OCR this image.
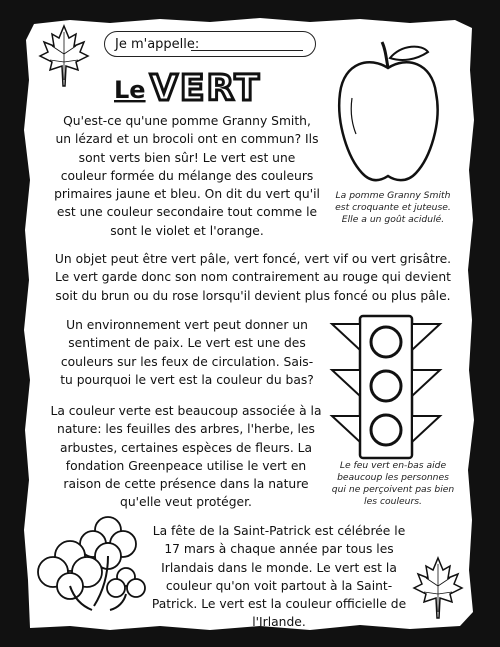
Je m'appelle:
Le VERT
La pomme Granny Smith est croquante et juteuse. Elle a un goût acidulé.
Qu'est-ce qu'une pomme Granny Smith, un lézard et un brocoli ont en commun? Ils sont verts bien sûr! Le vert est une couleur formée du mélange des couleurs primaires jaune et bleu. On dit du vert qu'il est une couleur secondaire tout comme le sont le violet et l'orange.
Un objet peut être vert pâle, vert foncé, vert vif ou vert grisâtre. Le vert garde donc son nom contrairement au rouge qui devient soit du brun ou du rose lorsqu'il devient plus foncé ou plus pâle.
Un environnement vert peut donner un sentiment de paix. Le vert est une des couleurs sur les feux de circulation. Sais-tu pourquoi le vert est la couleur du bas?
La couleur verte est beaucoup associée à la nature: les feuilles des arbres, l'herbe, les arbustes, certaines espèces de fleurs. La fondation Greenpeace utilise le vert en raison de cette présence dans la nature qu'elle veut protéger.
Le feu vert en-bas aide beaucoup les personnes qui ne perçoivent pas bien les couleurs.
La fête de la Saint-Patrick est célébrée le 17 mars à chaque année par tous les Irlandais dans le monde. Le vert est la couleur qu'on voit partout à la Saint-Patrick. Le vert est la couleur officielle de l'Irlande.
